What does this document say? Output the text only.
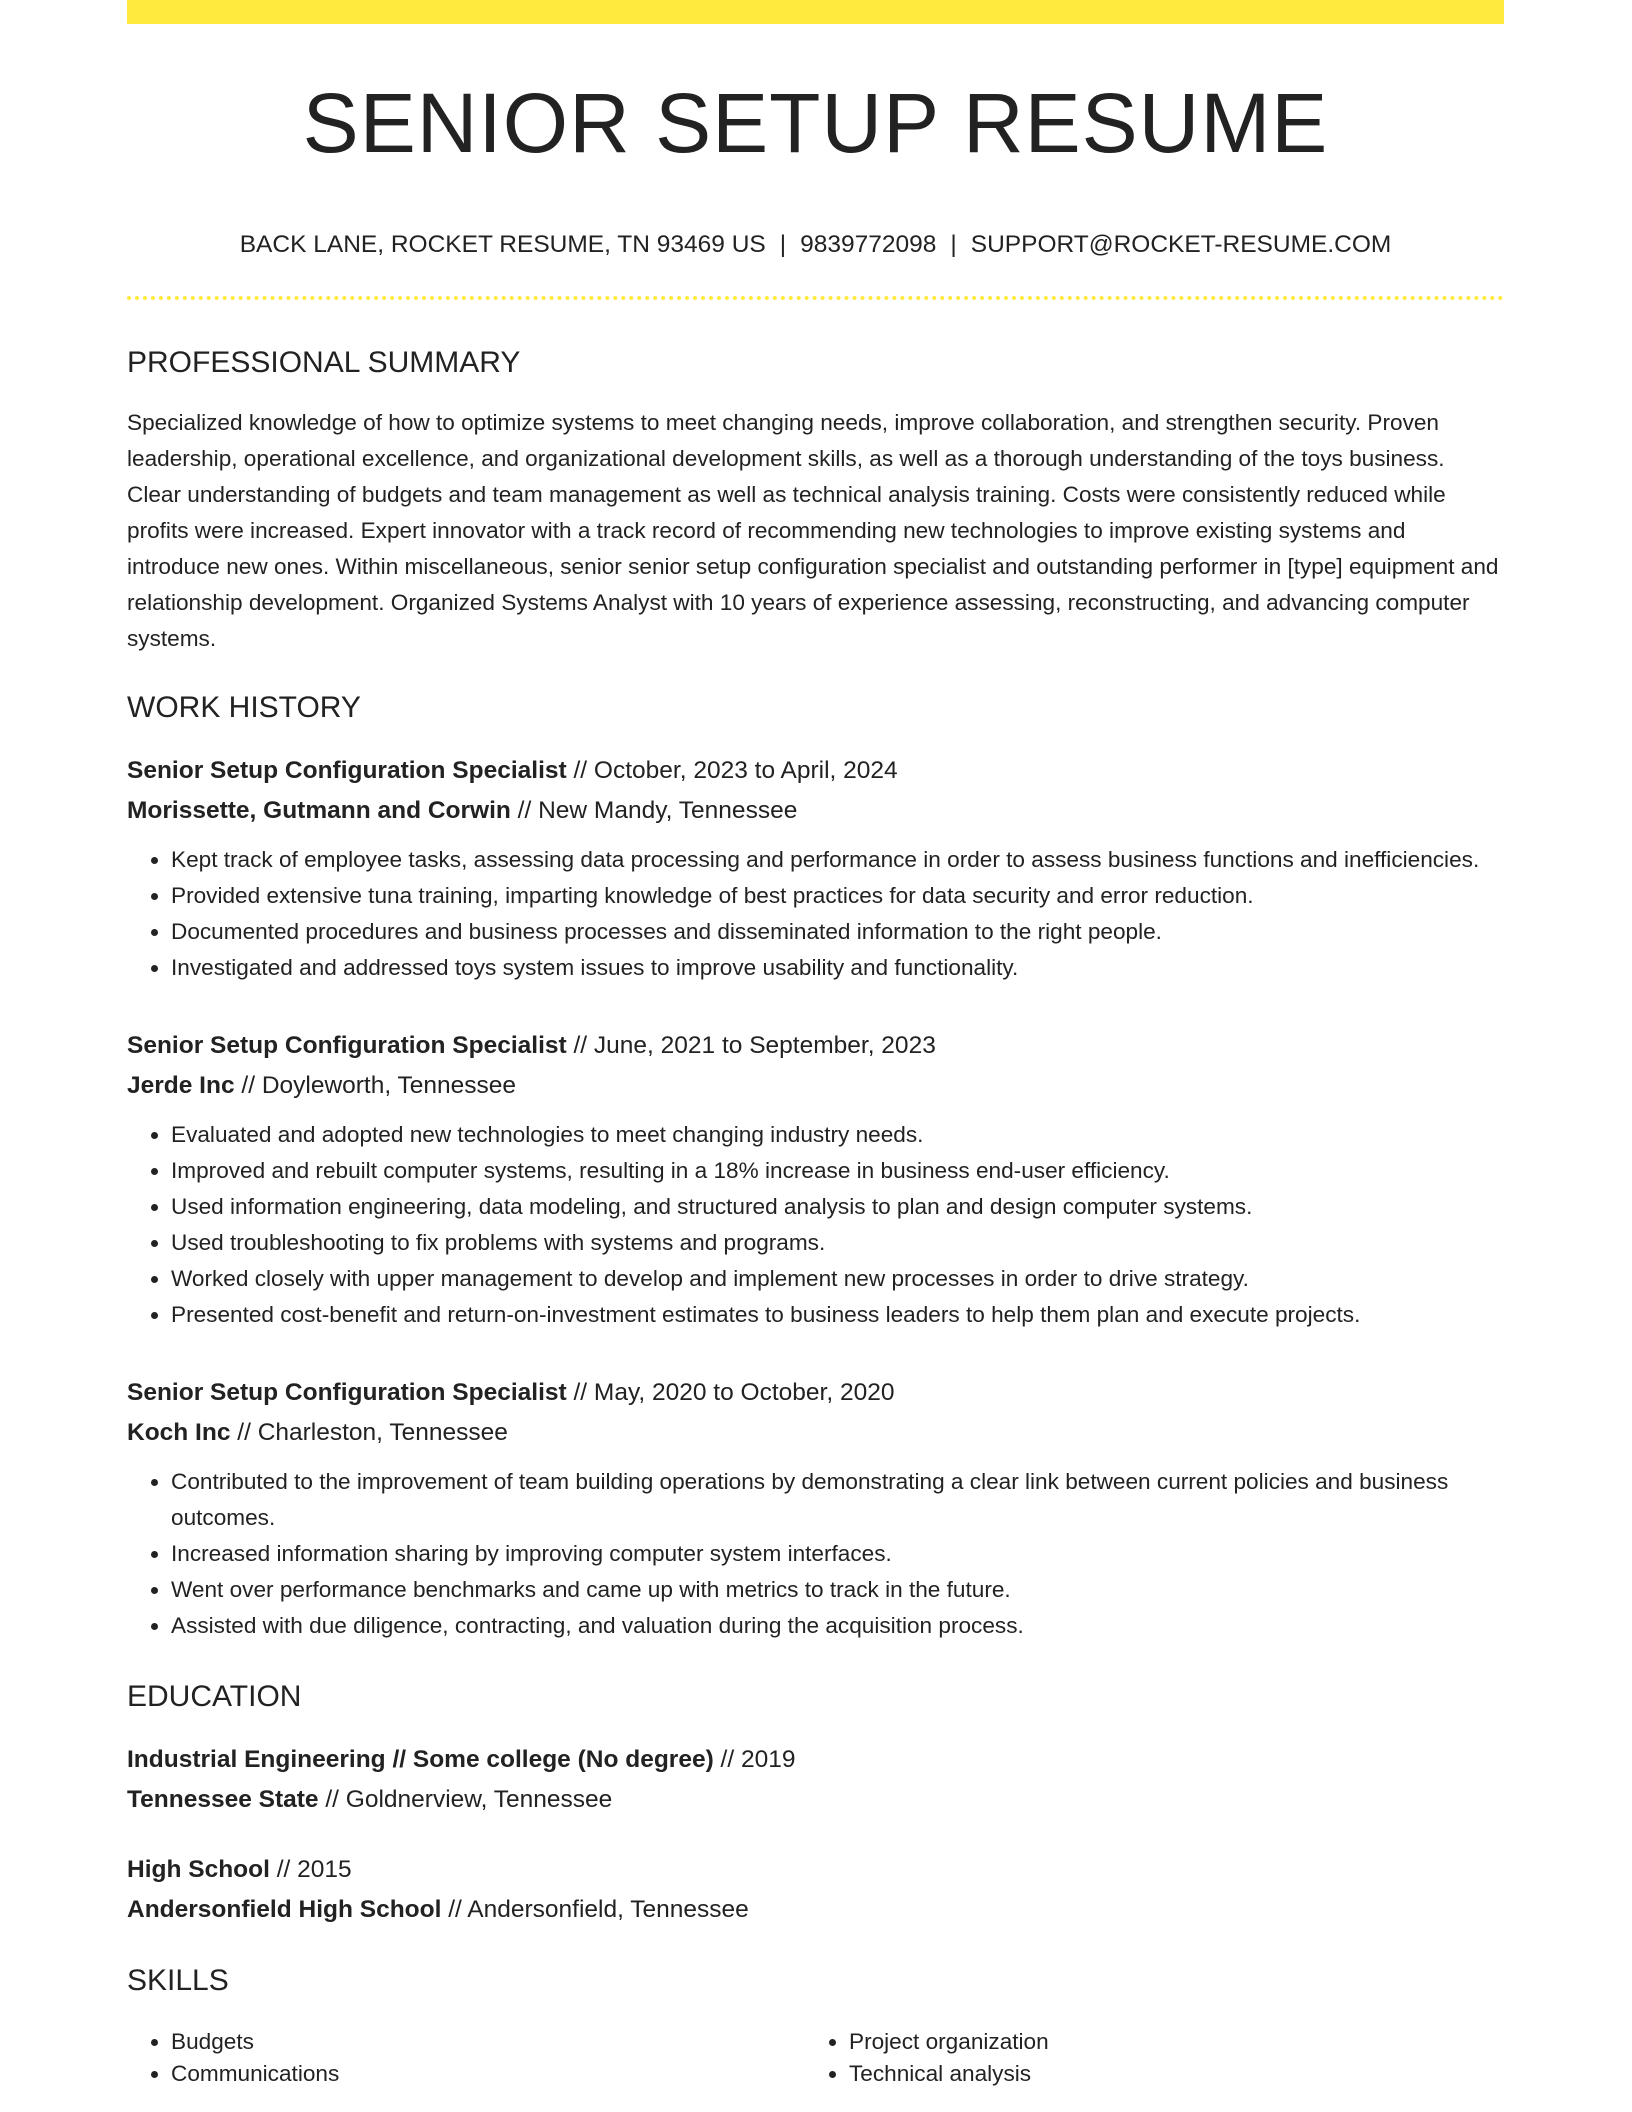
SENIOR SETUP RESUME
BACK LANE, ROCKET RESUME, TN 93469 US | 9839772098 | SUPPORT@ROCKET-RESUME.COM
PROFESSIONAL SUMMARY

Specialized knowledge of how to optimize systems to meet changing needs, improve collaboration, and strengthen security. Proven leadership, operational excellence, and organizational development skills, as well as a thorough understanding of the toys business. Clear understanding of budgets and team management as well as technical analysis training. Costs were consistently reduced while profits were increased. Expert innovator with a track record of recommending new technologies to improve existing systems and introduce new ones. Within miscellaneous, senior senior setup configuration specialist and outstanding performer in [type] equipment and relationship development. Organized Systems Analyst with 10 years of experience assessing, reconstructing, and advancing computer systems.

WORK HISTORY
Senior Setup Configuration Specialist // October, 2023 to April, 2024
Morissette, Gutmann and Corwin // New Mandy, Tennessee
• Kept track of employee tasks, assessing data processing and performance in order to assess business functions and inefficiencies.
• Provided extensive tuna training, imparting knowledge of best practices for data security and error reduction.
• Documented procedures and business processes and disseminated information to the right people.
• Investigated and addressed toys system issues to improve usability and functionality.
Senior Setup Configuration Specialist // June, 2021 to September, 2023
Jerde Inc // Doyleworth, Tennessee
• Evaluated and adopted new technologies to meet changing industry needs.
• Improved and rebuilt computer systems, resulting in a 18% increase in business end-user efficiency.
• Used information engineering, data modeling, and structured analysis to plan and design computer systems.
• Used troubleshooting to fix problems with systems and programs.
• Worked closely with upper management to develop and implement new processes in order to drive strategy.
• Presented cost-benefit and return-on-investment estimates to business leaders to help them plan and execute projects.
Senior Setup Configuration Specialist // May, 2020 to October, 2020
Koch Inc // Charleston, Tennessee
• Contributed to the improvement of team building operations by demonstrating a clear link between current policies and business outcomes.
• Increased information sharing by improving computer system interfaces.
• Went over performance benchmarks and came up with metrics to track in the future.
• Assisted with due diligence, contracting, and valuation during the acquisition process.
EDUCATION
Industrial Engineering // Some college (No degree) // 2019
Tennessee State // Goldnerview, Tennessee
High School // 2015
Andersonfield High School // Andersonfield, Tennessee
SKILLS
• Budgets
• Communications
• Project organization
• Technical analysis
